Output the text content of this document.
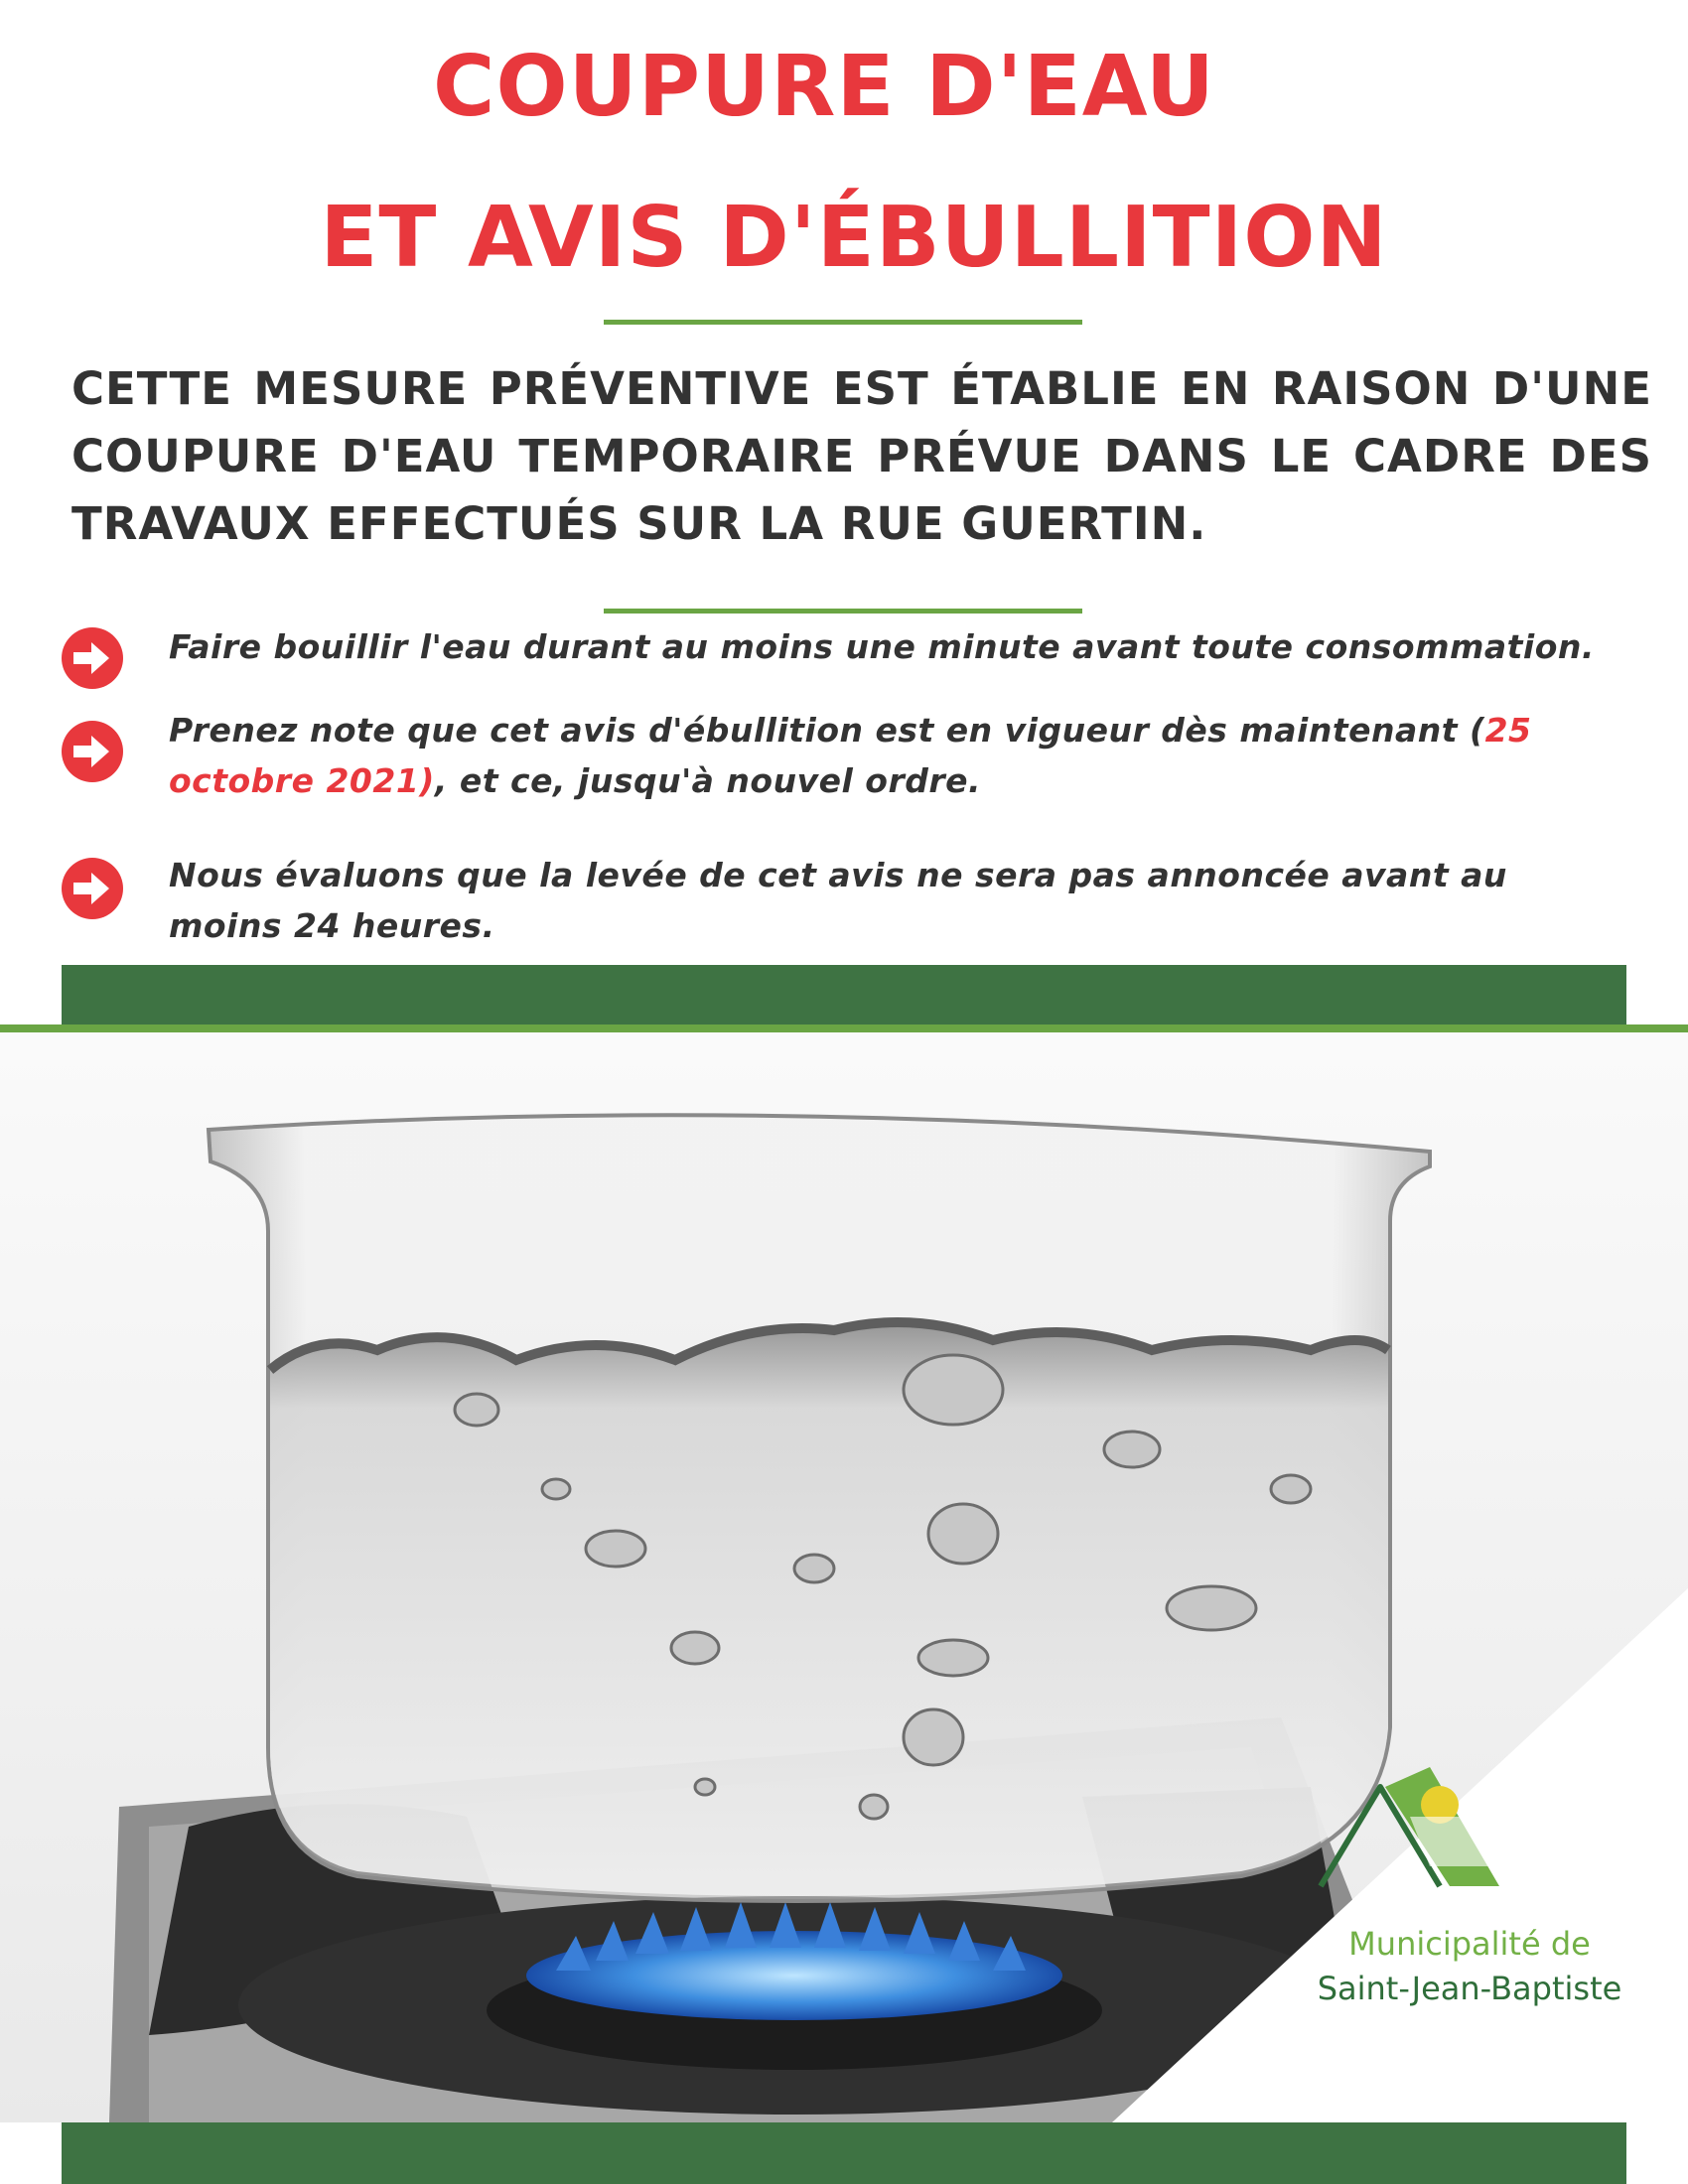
COUPURE D'EAU
ET AVIS D'ÉBULLITION
CETTE MESURE PRÉVENTIVE EST ÉTABLIE EN RAISON D'UNE
COUPURE D'EAU TEMPORAIRE PRÉVUE DANS LE CADRE DES
TRAVAUX EFFECTUÉS SUR LA RUE GUERTIN.

Faire bouillir l'eau durant au moins une minute avant toute consommation.

Prenez note que cet avis d'ébullition est en vigueur dès maintenant (25 octobre 2021), et ce, jusqu'à nouvel ordre.

Nous évaluons que la levée de cet avis ne sera pas annoncée avant au moins 24 heures.

Municipalité de
Saint-Jean-Baptiste
